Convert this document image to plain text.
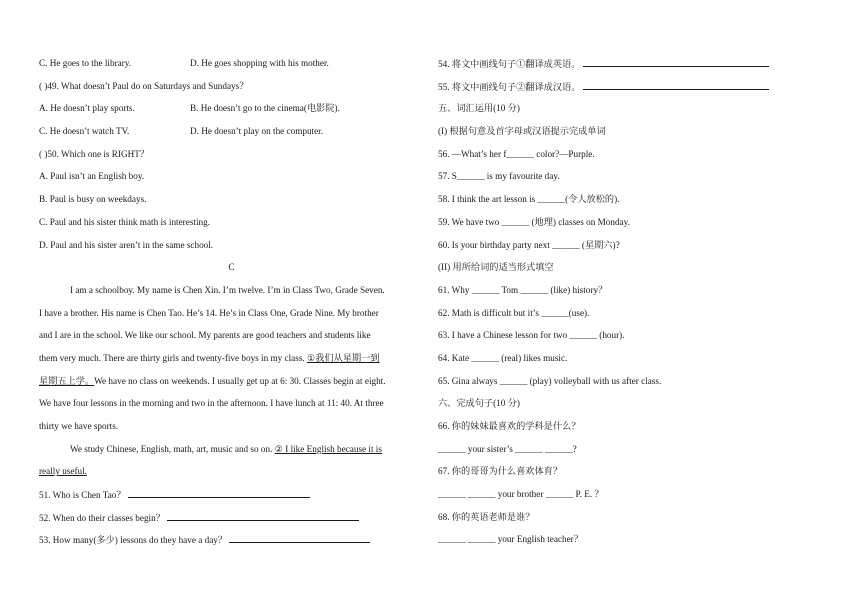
C. He goes to the library.	D. He goes shopping with his mother.
( )49. What doesn’t Paul do on Saturdays and Sundays？
A. He doesn’t play sports.	B. He doesn’t go to the cinema(电影院).
C. He doesn’t watch TV.	D. He doesn’t play on the computer.
( )50. Which one is RIGHT？
A. Paul isn’t an English boy.
B. Paul is busy on weekdays.
C. Paul and his sister think math is interesting.
D. Paul and his sister aren’t in the same school.
C
I am a schoolboy. My name is Chen Xin. I’m twelve. I’m in Class Two, Grade Seven.
I have a brother. His name is Chen Tao. He’s 14. He’s in Class One, Grade Nine. My brother
and I are in the school. We like our school. My parents are good teachers and students like
them very much. There are thirty girls and twenty-five boys in my class. ①我们从星期一到
星期五上学。We have no class on weekends. I usually get up at 6: 30. Classes begin at eight.
We have four lessons in the morning and two in the afternoon. I have lunch at 11: 40. At three
thirty we have sports.
We study Chinese, English, math, art, music and so on. ② I like English because it is
really useful.
51. Who is Chen Tao？
52. When do their classes begin？
53. How many(多少) lessons do they have a day？
54. 将文中画线句子①翻译成英语。
55. 将文中画线句子②翻译成汉语。
五、词汇运用(10 分)
(I) 根据句意及首字母或汉语提示完成单词
56. —What’s her f______ color?—Purple.
57. S______ is my favourite day.
58. I think the art lesson is ______(令人放松的).
59. We have two ______ (地理) classes on Monday.
60. Is your birthday party next ______ (星期六)?
(II) 用所给词的适当形式填空
61. Why ______ Tom ______ (like) history？
62. Math is difficult but it’s ______(use).
63. I have a Chinese lesson for two ______ (hour).
64. Kate ______ (real) likes music.
65. Gina always ______ (play) volleyball with us after class.
六、完成句子(10 分)
66. 你的妹妹最喜欢的学科是什么？
______ your sister’s ______ ______?
67. 你的哥哥为什么喜欢体育？
______ ______ your brother ______ P. E. ？
68. 你的英语老师是谁？
______ ______ your English teacher？
